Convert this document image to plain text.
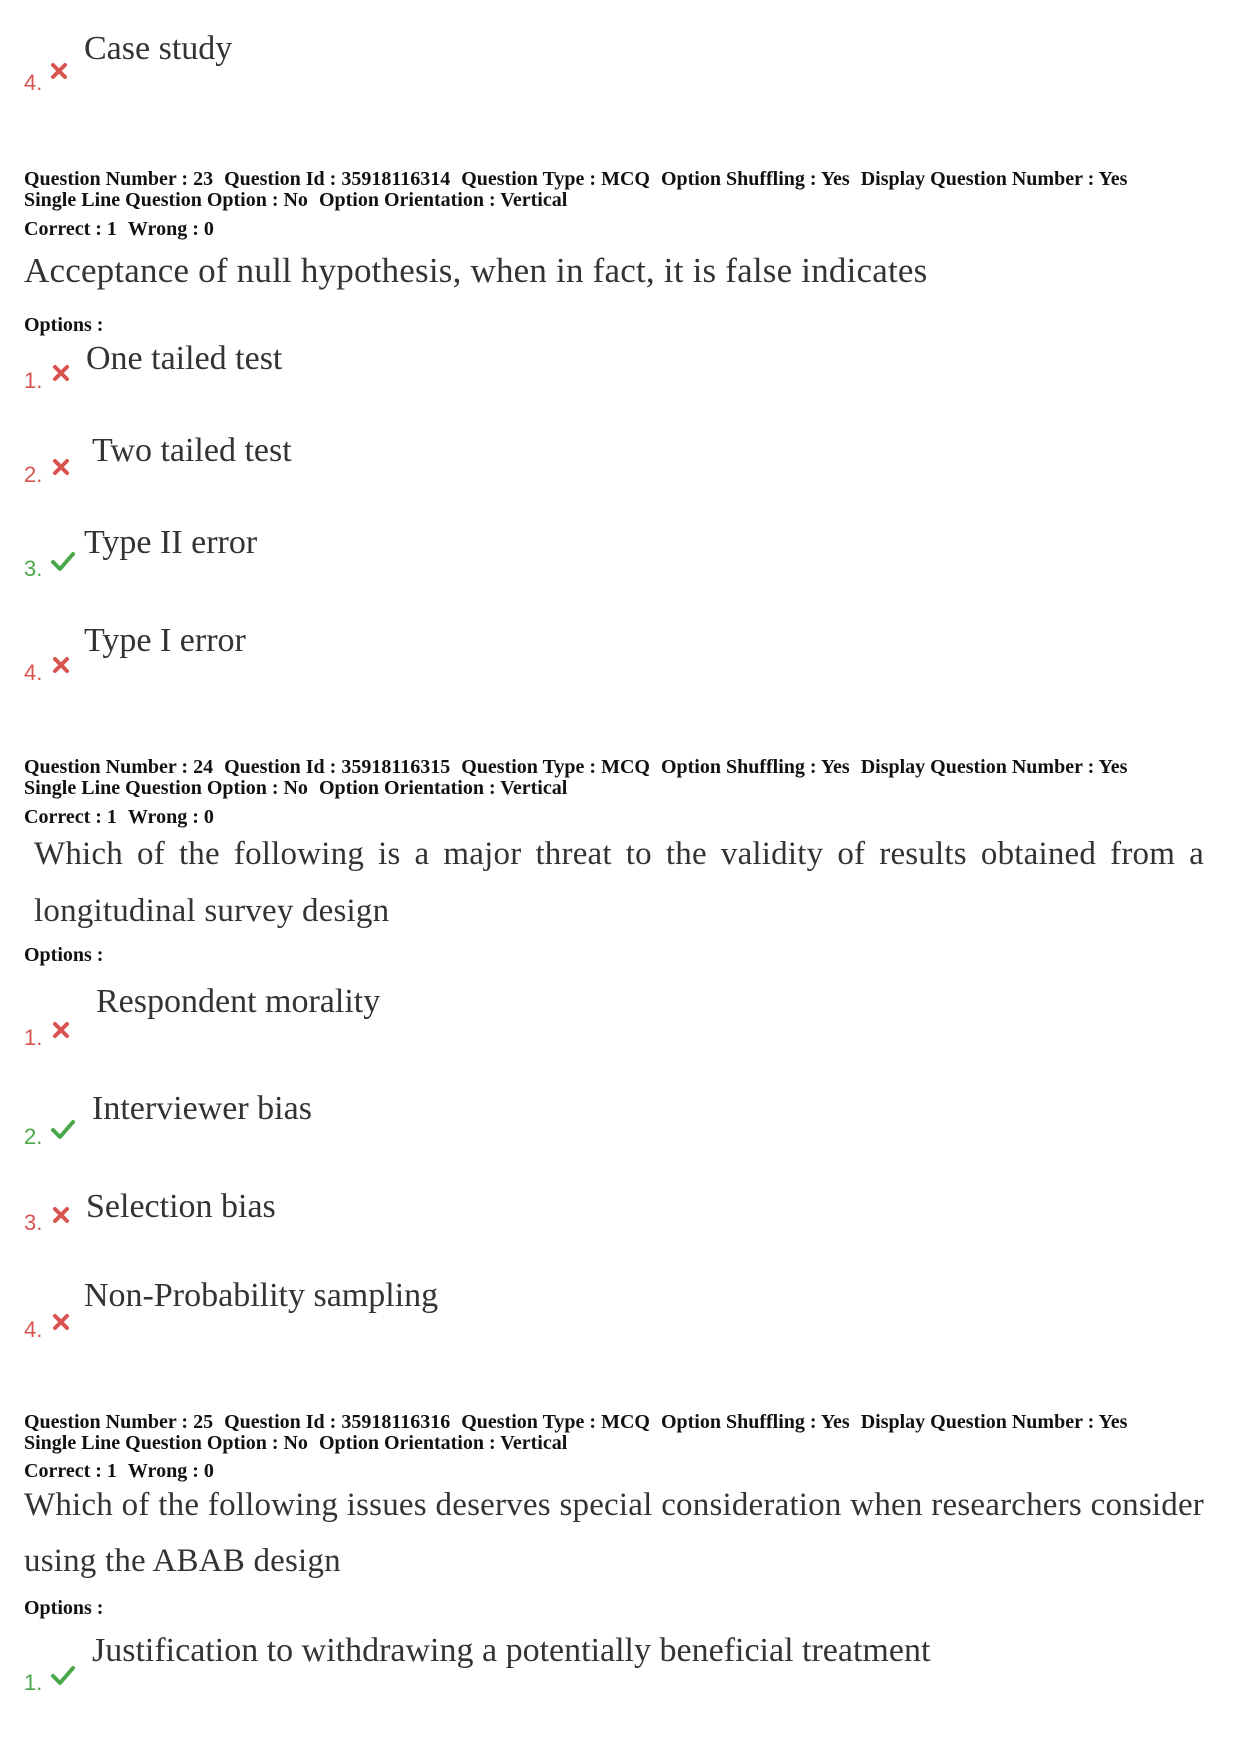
4.
Case study
Question Number : 23 Question Id : 35918116314 Question Type : MCQ Option Shuffling : Yes Display Question Number : Yes
Single Line Question Option : No Option Orientation : Vertical
Correct : 1 Wrong : 0
Acceptance of null hypothesis, when in fact, it is false indicates
Options :
1.
One tailed test
2.
Two tailed test
3.
Type II error
4.
Type I error
Question Number : 24 Question Id : 35918116315 Question Type : MCQ Option Shuffling : Yes Display Question Number : Yes
Single Line Question Option : No Option Orientation : Vertical
Correct : 1 Wrong : 0
Which of the following is a major threat to the validity of results obtained from a longitudinal survey design
Options :
1.
Respondent morality
2.
Interviewer bias
3. Selection bias
4.
Non-Probability sampling
Question Number : 25 Question Id : 35918116316 Question Type : MCQ Option Shuffling : Yes Display Question Number : Yes
Single Line Question Option : No Option Orientation : Vertical
Correct : 1 Wrong : 0
Which of the following issues deserves special consideration when researchers consider using the ABAB design
Options :
1.
Justification to withdrawing a potentially beneficial treatment
